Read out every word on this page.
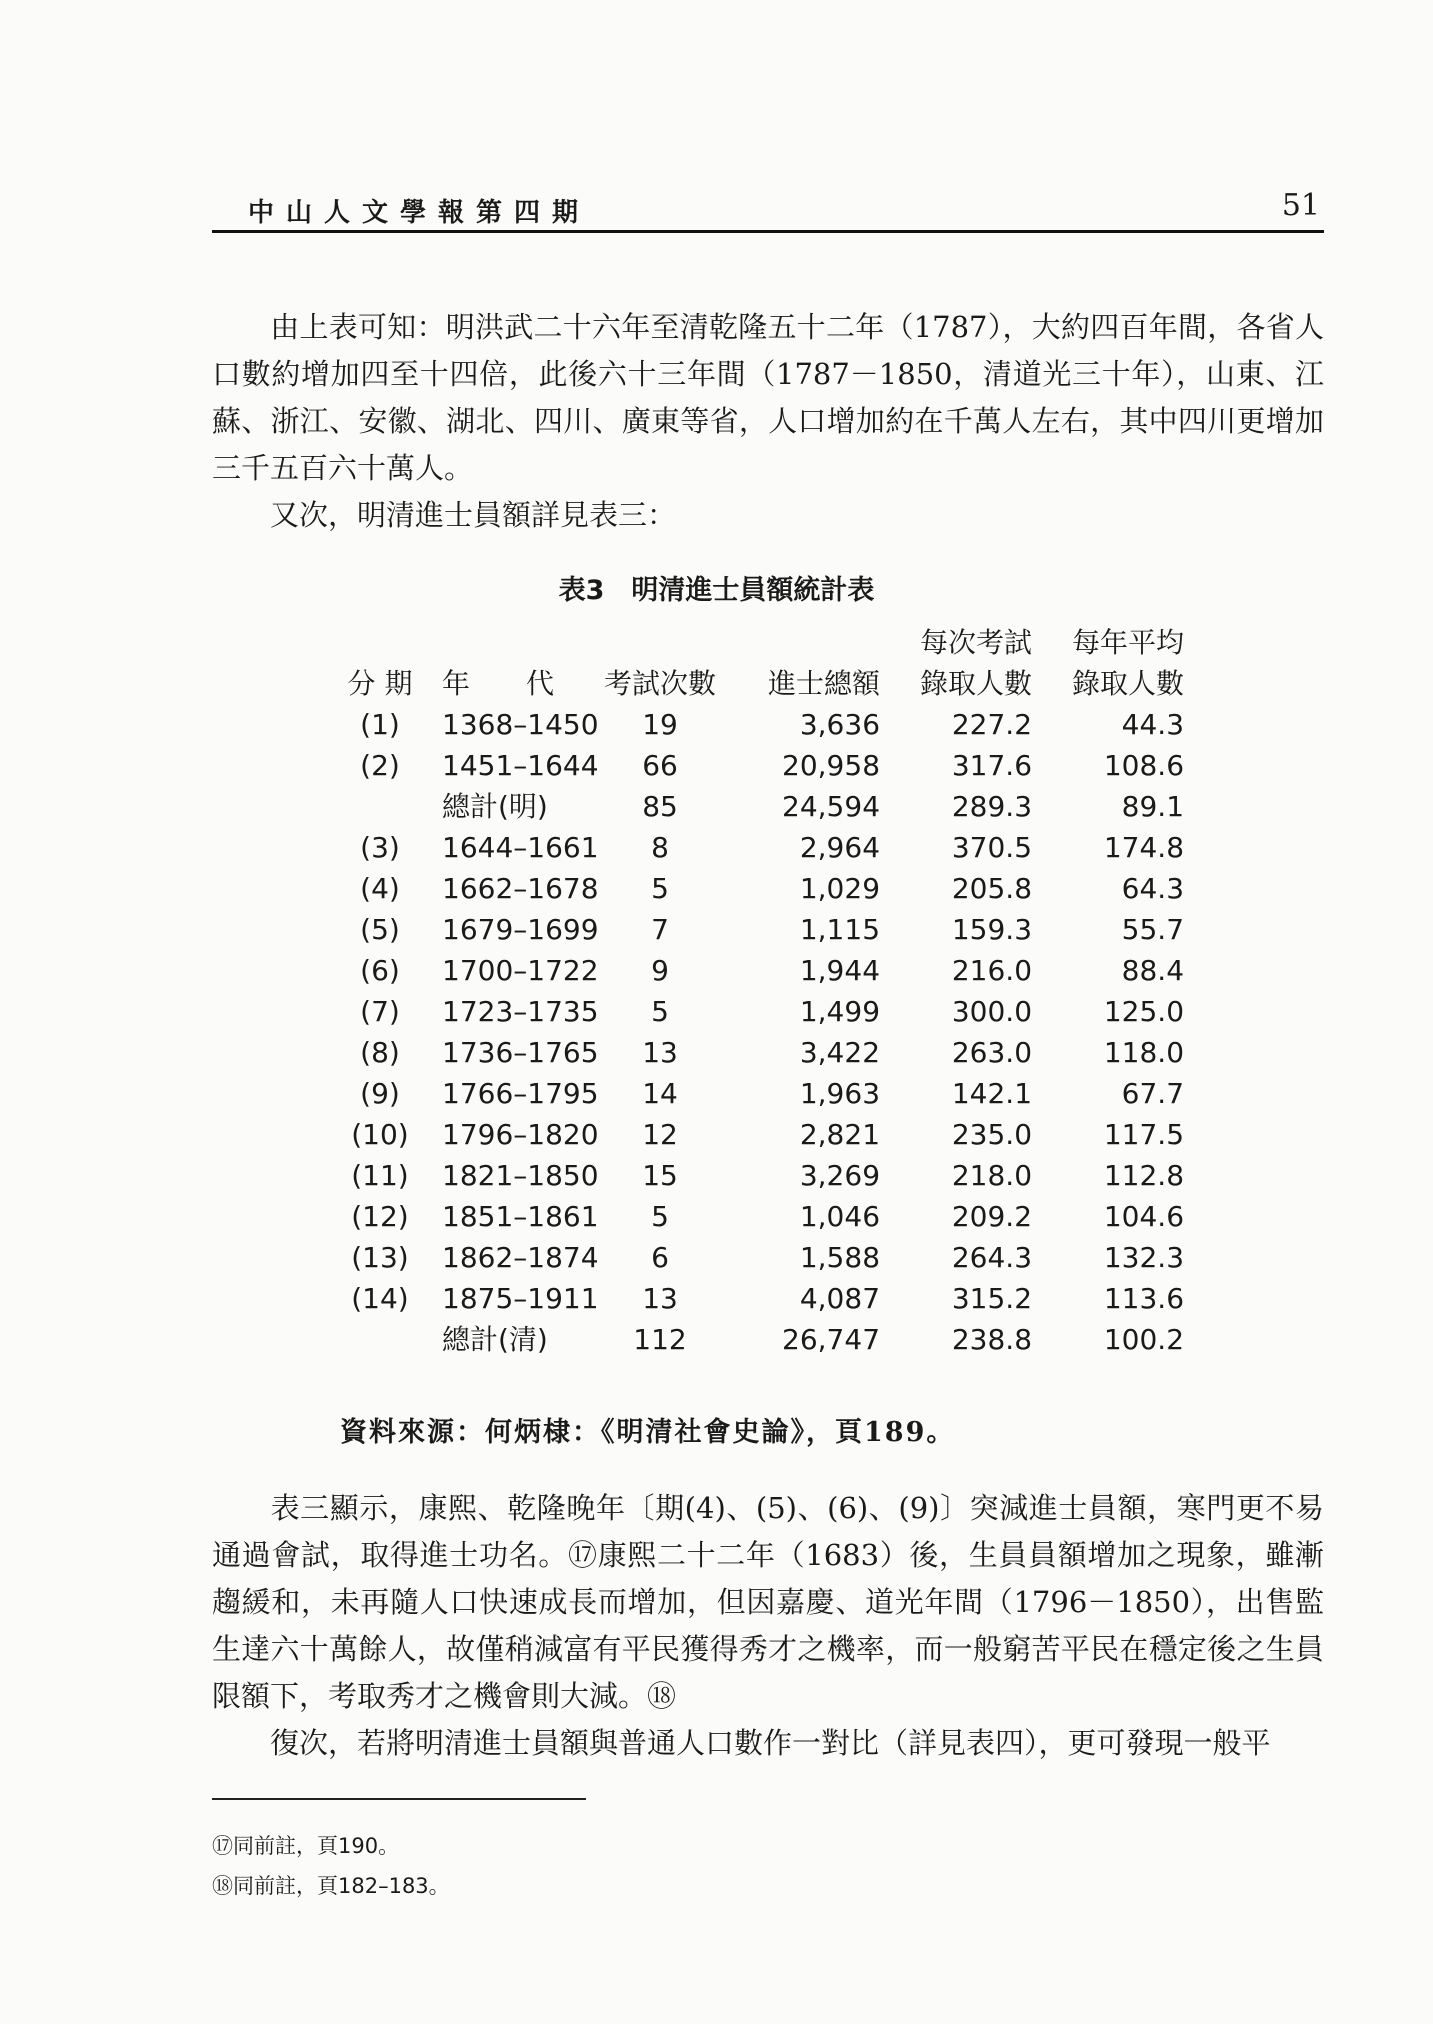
中山人文學報第四期	51

由上表可知：明洪武二十六年至清乾隆五十二年（1787），大約四百年間，各省人口數約增加四至十四倍，此後六十三年間（1787－1850，清道光三十年），山東、江蘇、浙江、安徽、湖北、四川、廣東等省，人口增加約在千萬人左右，其中四川更增加三千五百六十萬人。

又次，明清進士員額詳見表三：

表3　明清進士員額統計表
				每次考試	每年平均
分 期	年　　代	考試次數	進士總額	錄取人數	錄取人數
(1)	1368–1450	19	3,636	227.2	44.3
(2)	1451–1644	66	20,958	317.6	108.6
	總計(明)	85	24,594	289.3	89.1
(3)	1644–1661	8	2,964	370.5	174.8
(4)	1662–1678	5	1,029	205.8	64.3
(5)	1679–1699	7	1,115	159.3	55.7
(6)	1700–1722	9	1,944	216.0	88.4
(7)	1723–1735	5	1,499	300.0	125.0
(8)	1736–1765	13	3,422	263.0	118.0
(9)	1766–1795	14	1,963	142.1	67.7
(10)	1796–1820	12	2,821	235.0	117.5
(11)	1821–1850	15	3,269	218.0	112.8
(12)	1851–1861	5	1,046	209.2	104.6
(13)	1862–1874	6	1,588	264.3	132.3
(14)	1875–1911	13	4,087	315.2	113.6
	總計(清)	112	26,747	238.8	100.2
資料來源：何炳棣：《明清社會史論》，頁189。

表三顯示，康熙、乾隆晚年〔期(4)、(5)、(6)、(9)〕突減進士員額，寒門更不易通過會試，取得進士功名。⑰康熙二十二年（1683）後，生員員額增加之現象，雖漸趨緩和，未再隨人口快速成長而增加，但因嘉慶、道光年間（1796－1850），出售監生達六十萬餘人，故僅稍減富有平民獲得秀才之機率，而一般窮苦平民在穩定後之生員限額下，考取秀才之機會則大減。⑱

復次，若將明清進士員額與普通人口數作一對比（詳見表四），更可發現一般平

⑰同前註，頁190。
⑱同前註，頁182–183。
